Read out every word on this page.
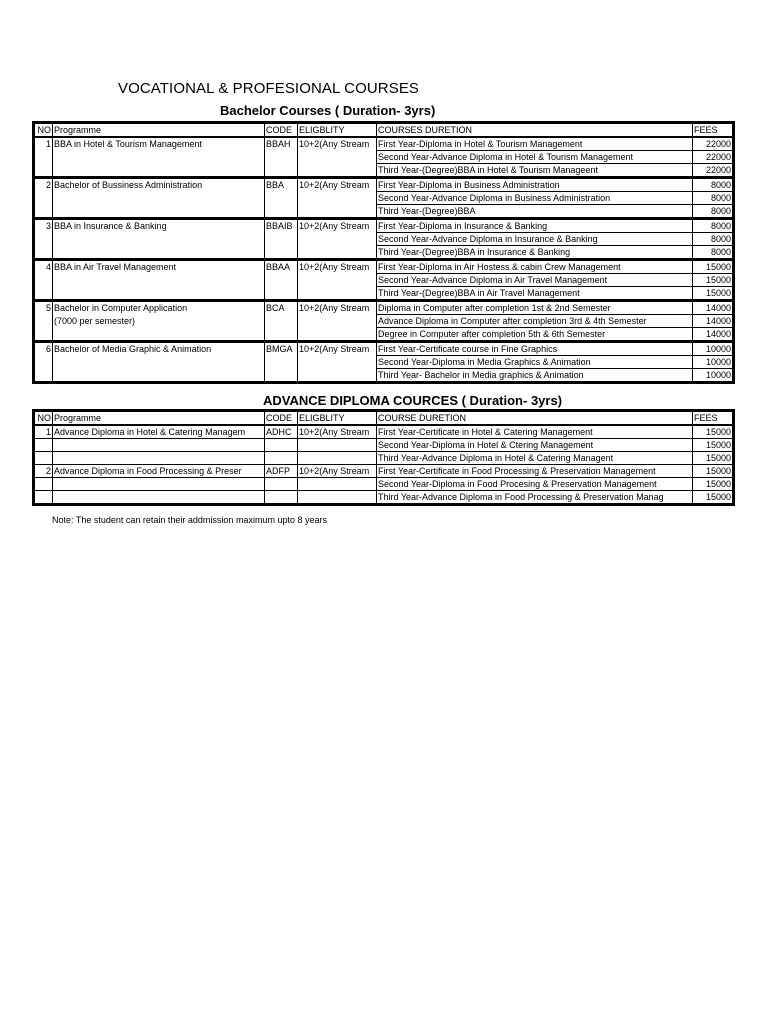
VOCATIONAL & PROFESIONAL COURSES
Bachelor Courses ( Duration- 3yrs)
NO	Programme	CODE	ELIGBLITY	COURSES DURETION	FEES
1	BBA in Hotel & Tourism Management	BBAH	10+2(Any Stream	First Year-Diploma in Hotel & Tourism Management	22000
				Second Year-Advance Diploma in Hotel & Tourism Management	22000
				Third Year-(Degree)BBA in Hotel & Tourism Manageent	22000
2	Bachelor of Bussiness Administration	BBA	10+2(Any Stream	First Year-Diploma in Business Administration	8000
				Second Year-Advance Diploma in Business Administration	8000
				Third Year-(Degree)BBA	8000
3	BBA in Insurance & Banking	BBAIB	10+2(Any Stream	First Year-Diploma in Insurance & Banking	8000
				Second Year-Advance Diploma in Insurance & Banking	8000
				Third Year-(Degree)BBA in Insurance & Banking	8000
4	BBA in Air Travel Management	BBAA	10+2(Any Stream	First Year-Diploma in Air Hostess & cabin Crew Management	15000
				Second Year-Advance Diploma in Air Travel Management	15000
				Third Year-(Degree)BBA in Air Travel Management	15000
5	Bachelor in Computer Application	BCA	10+2(Any Stream	Diploma in Computer after completion 1st & 2nd Semester	14000
	(7000 per semester)			Advance Diploma in Computer after completion 3rd & 4th Semester	14000
				Degree in Computer after completion 5th & 6th Semester	14000
6	Bachelor of Media Graphic & Animation	BMGA	10+2(Any Stream	First Year-Certificate course in Fine Graphics	10000
				Second Year-Diploma in Media Graphics & Animation	10000
				Third Year- Bachelor in Media graphics & Animation	10000
ADVANCE DIPLOMA COURCES ( Duration- 3yrs)
NO	Programme	CODE	ELIGBLITY	COURSE DURETION	FEES
1	Advance Diploma in Hotel & Catering Managem	ADHC	10+2(Any Stream	First Year-Certificate in Hotel & Catering Management	15000
				Second Year-Diploma in Hotel & Ctering Management	15000
				Third Year-Advance Diploma in Hotel & Catering Managent	15000
2	Advance Diploma in Food Processing & Preser	ADFP	10+2(Any Stream	First Year-Certificate in Food Processing & Preservation Management	15000
				Second Year-Diploma in Food Procesing & Preservation Management	15000
				Third Year-Advance Diploma in Food Processing & Preservation Manag	15000
Note: The student can retain their addmission maximum upto 8 years
